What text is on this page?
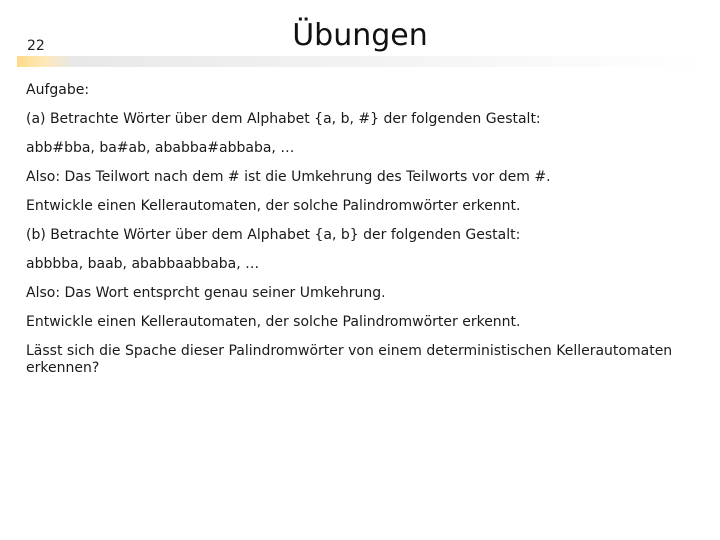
22	Übungen

Aufgabe:

(a) Betrachte Wörter über dem Alphabet {a, b, #} der folgenden Gestalt:

abb#bba, ba#ab, ababba#abbaba, …

Also: Das Teilwort nach dem # ist die Umkehrung des Teilworts vor dem #.

Entwickle einen Kellerautomaten, der solche Palindromwörter erkennt.

(b) Betrachte Wörter über dem Alphabet {a, b} der folgenden Gestalt:

abbbba, baab, ababbaabbaba, …

Also: Das Wort entsprcht genau seiner Umkehrung.

Entwickle einen Kellerautomaten, der solche Palindromwörter erkennt.

Lässt sich die Spache dieser Palindromwörter von einem deterministischen Kellerautomaten erkennen?
